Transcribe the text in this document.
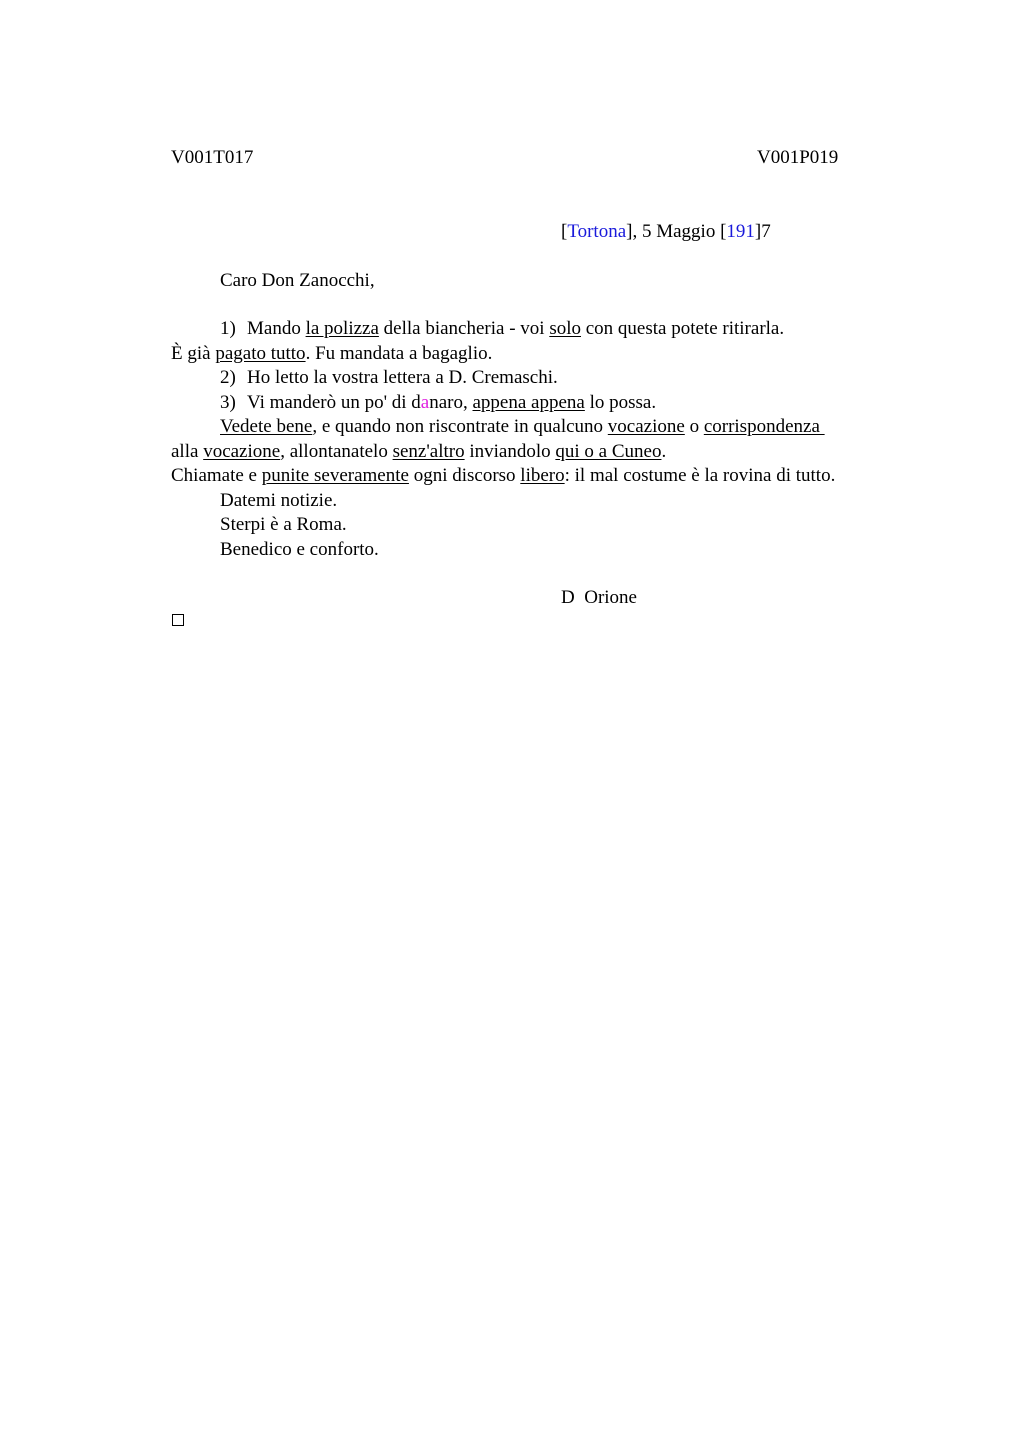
V001T017	V001P019
[Tortona], 5 Maggio [191]7
Caro Don Zanocchi,
1) Mando la polizza della biancheria - voi solo con questa potete ritirarla.
È già pagato tutto. Fu mandata a bagaglio.
2) Ho letto la vostra lettera a D. Cremaschi.
3) Vi manderò un po' di danaro, appena appena lo possa.
Vedete bene, e quando non riscontrate in qualcuno vocazione o corrispondenza
alla vocazione, allontanatelo senz'altro inviandolo qui o a Cuneo.
Chiamate e punite severamente ogni discorso libero: il mal costume è la rovina di tutto.
Datemi notizie.
Sterpi è a Roma.
Benedico e conforto.
D  Orione
